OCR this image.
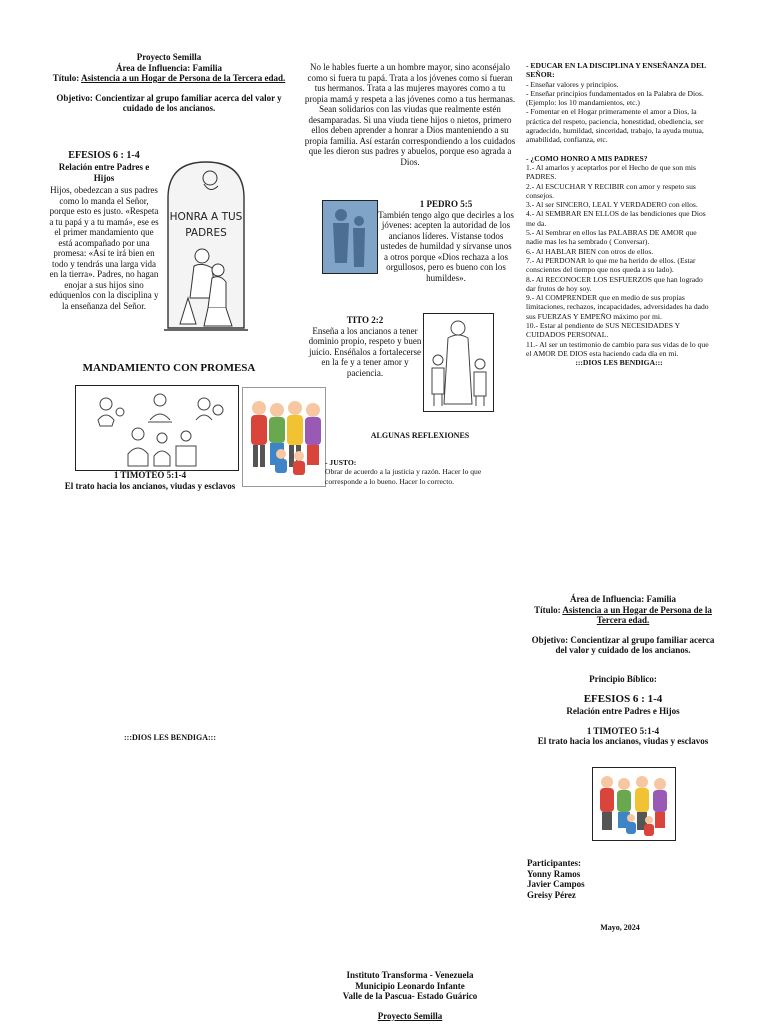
Proyecto Semilla
Área de Influencia: Familia
Título: Asistencia a un Hogar de Persona de la Tercera edad.
Objetivo: Concientizar al grupo familiar acerca del valor y cuidado de los ancianos.
EFESIOS 6 : 1-4
Relación entre Padres e Hijos
Hijos, obedezcan a sus padres como lo manda el Señor, porque esto es justo. «Respeta a tu papá y a tu mamá», ese es el primer mandamiento que está acompañado por una promesa: «Así te irá bien en todo y tendrás una larga vida en la tierra». Padres, no hagan enojar a sus hijos sino edúquenlos con la disciplina y la enseñanza del Señor.
HONRA A TUS
PADRES
MANDAMIENTO CON PROMESA
1 TIMOTEO 5:1-4
El trato hacia los ancianos, viudas y esclavos
No le hables fuerte a un hombre mayor, sino aconséjalo como si fuera tu papá. Trata a los jóvenes como si fueran tus hermanos. Trata a las mujeres mayores como a tu propia mamá y respeta a las jóvenes como a tus hermanas. Sean solidarios con las viudas que realmente estén desamparadas. Si una viuda tiene hijos o nietos, primero ellos deben aprender a honrar a Dios manteniendo a su propia familia. Así estarán correspondiendo a los cuidados que les dieron sus padres y abuelos, porque eso agrada a Dios.
1 PEDRO 5:5
También tengo algo que decirles a los jóvenes: acepten la autoridad de los ancianos líderes. Vístanse todos ustedes de humildad y sírvanse unos a otros porque «Dios rechaza a los orgullosos, pero es bueno con los humildes».
TITO 2:2
Enseña a los ancianos a tener dominio propio, respeto y buen juicio. Enséñalos a fortalecerse en la fe y a tener amor y paciencia.
ALGUNAS REFLEXIONES
- JUSTO:
Obrar de acuerdo a la justicia y razón. Hacer lo que corresponde a lo bueno. Hacer lo correcto.
- EDUCAR EN LA DISCIPLINA Y ENSEÑANZA DEL SEÑOR:
- Enseñar valores y principios.
- Enseñar principios fundamentados en la Palabra de Dios. (Ejemplo: los 10 mandamientos, etc.)
- Fomentar en el Hogar primeramente el amor a Dios, la práctica del respeto, paciencia, honestidad, obediencia, ser agradecido, humildad, sinceridad, trabajo, la ayuda mutua, amabilidad, confianza, etc.
- ¿COMO HONRO A MIS PADRES?
1.- Al amarlos y aceptarlos por el Hecho de que son mis PADRES.
2.- Al ESCUCHAR Y RECIBIR con amor y respeto sus consejos.
3.- Al ser SINCERO, LEAL Y VERDADERO con ellos.
4.- Al SEMBRAR EN ELLOS de las bendiciones que Dios me da.
5.- Al Sembrar en ellos las PALABRAS DE AMOR que nadie mas les ha sembrado ( Conversar).
6.- Al HABLAR BIEN con otros de ellos.
7.- Al PERDONAR lo que me ha herido de ellos. (Estar conscientes del tiempo que nos queda a su lado).
8.- Al RECONOCER LOS ESFUERZOS que han logrado dar frutos de hoy soy.
9.- Al COMPRENDER que en medio de sus propias limitaciones, rechazos, incapacidades, adversidades ha dado sus FUERZAS Y EMPEÑO máximo por mi.
10.- Estar al pendiente de SUS NECESIDADES Y CUIDADOS PERSONAL.
11.- Al ser un testimonio de cambio para sus vidas de lo que el AMOR DE DIOS esta haciendo cada día en mi.
:::DIOS LES BENDIGA:::
:::DIOS LES BENDIGA:::
Instituto Transforma - Venezuela
Municipio Leonardo Infante
Valle de la Pascua- Estado Guárico
Proyecto Semilla
Área de Influencia: Familia
Título: Asistencia a un Hogar de Persona de la Tercera edad.
Objetivo: Concientizar al grupo familiar acerca del valor y cuidado de los ancianos.
Principio Bíblico:
EFESIOS 6 : 1-4
Relación entre Padres e Hijos
1 TIMOTEO 5:1-4
El trato hacia los ancianos, viudas y esclavos
Participantes:
Yonny Ramos
Javier Campos
Greisy Pérez
Mayo, 2024
